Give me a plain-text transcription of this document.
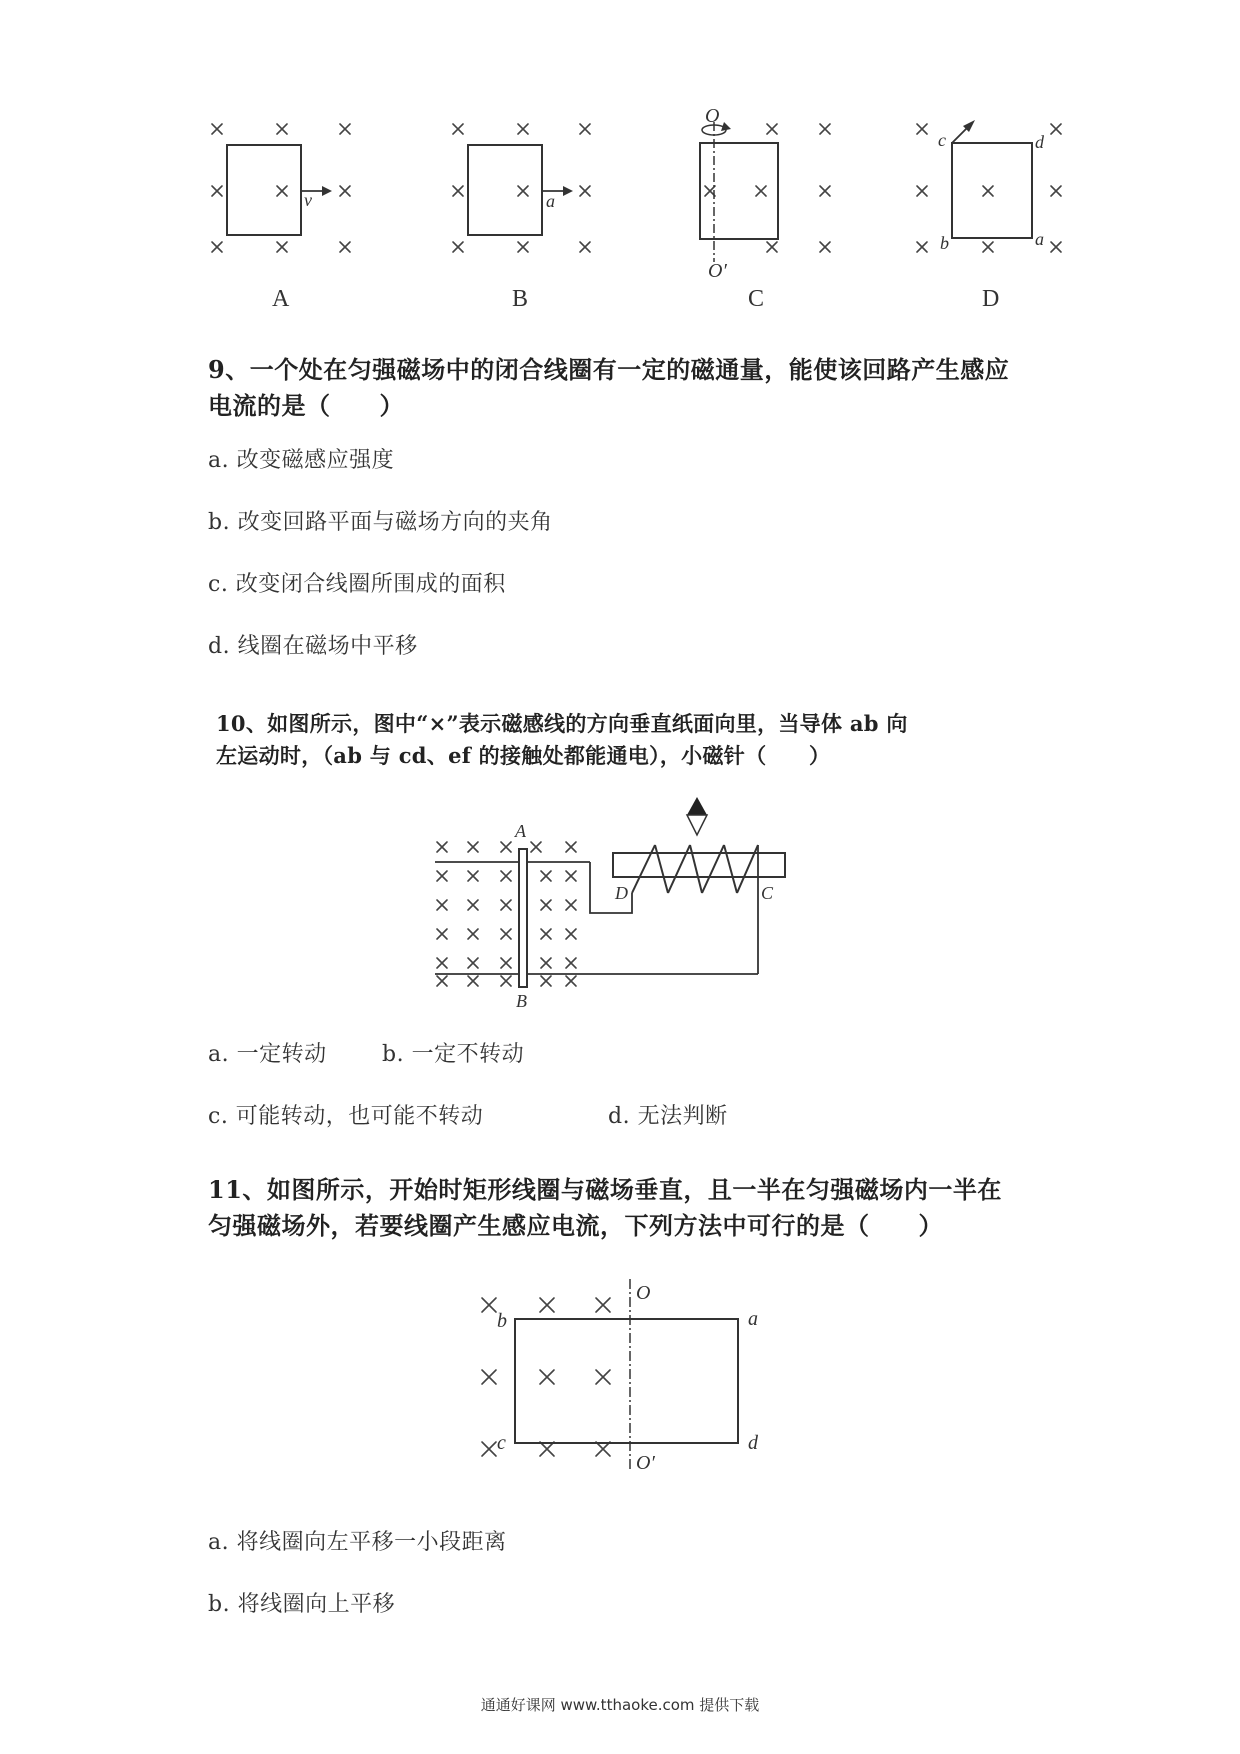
v
A
a
B
O
O′
C
c	d
b	a
D
9、一个处在匀强磁场中的闭合线圈有一定的磁通量，能使该回路产生感应
电流的是（　　）
a. 改变磁感应强度
b. 改变回路平面与磁场方向的夹角
c. 改变闭合线圈所围成的面积
d. 线圈在磁场中平移
10、如图所示，图中“×”表示磁感线的方向垂直纸面向里，当导体 ab 向
左运动时，（ab 与 cd、ef 的接触处都能通电），小磁针（　　）
A
B
D	C
a. 一定转动	b. 一定不转动
c. 可能转动，也可能不转动	d. 无法判断
11、如图所示，开始时矩形线圈与磁场垂直，且一半在匀强磁场内一半在
匀强磁场外，若要线圈产生感应电流，下列方法中可行的是（　　）
O
O′
b	a
c	d
a. 将线圈向左平移一小段距离
b. 将线圈向上平移
通通好课网 www.tthaoke.com 提供下载
